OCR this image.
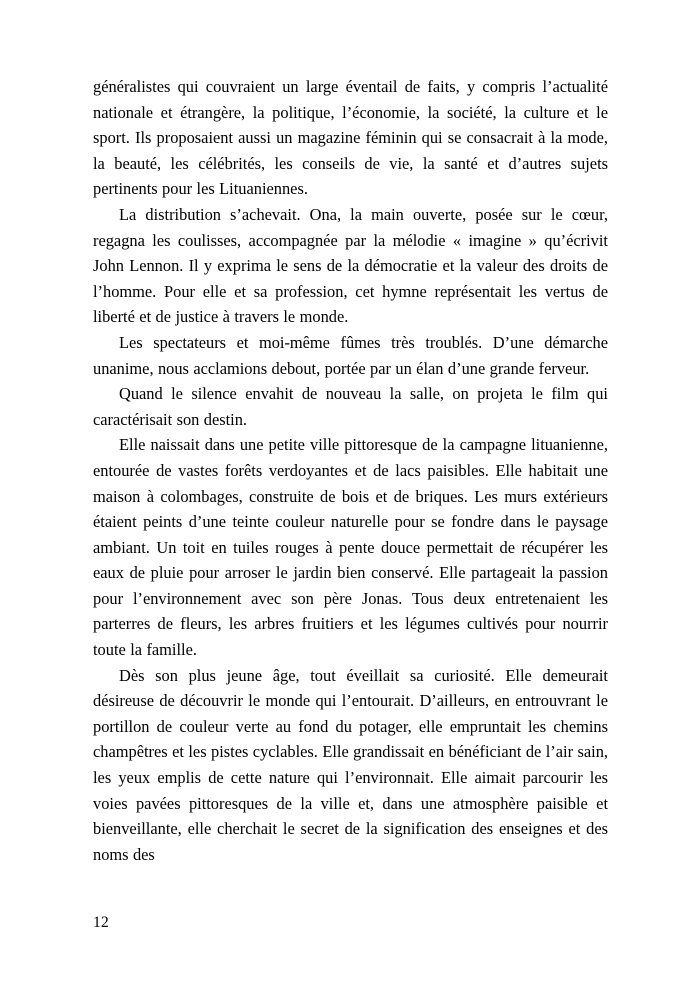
généralistes qui couvraient un large éventail de faits, y compris l’actualité nationale et étrangère, la politique, l’économie, la société, la culture et le sport. Ils proposaient aussi un magazine féminin qui se consacrait à la mode, la beauté, les célébrités, les conseils de vie, la santé et d’autres sujets pertinents pour les Lituaniennes.

La distribution s’achevait. Ona, la main ouverte, posée sur le cœur, regagna les coulisses, accompagnée par la mélodie « imagine » qu’écrivit John Lennon. Il y exprima le sens de la démocratie et la valeur des droits de l’homme. Pour elle et sa profession, cet hymne représentait les vertus de liberté et de justice à travers le monde.

Les spectateurs et moi-même fûmes très troublés. D’une démarche unanime, nous acclamions debout, portée par un élan d’une grande ferveur.

Quand le silence envahit de nouveau la salle, on projeta le film qui caractérisait son destin.

Elle naissait dans une petite ville pittoresque de la campagne lituanienne, entourée de vastes forêts verdoyantes et de lacs paisibles. Elle habitait une maison à colombages, construite de bois et de briques. Les murs extérieurs étaient peints d’une teinte couleur naturelle pour se fondre dans le paysage ambiant. Un toit en tuiles rouges à pente douce permettait de récupérer les eaux de pluie pour arroser le jardin bien conservé. Elle partageait la passion pour l’environnement avec son père Jonas. Tous deux entretenaient les parterres de fleurs, les arbres fruitiers et les légumes cultivés pour nourrir toute la famille.

Dès son plus jeune âge, tout éveillait sa curiosité. Elle demeurait désireuse de découvrir le monde qui l’entourait. D’ailleurs, en entrouvrant le portillon de couleur verte au fond du potager, elle empruntait les chemins champêtres et les pistes cyclables. Elle grandissait en bénéficiant de l’air sain, les yeux emplis de cette nature qui l’environnait. Elle aimait parcourir les voies pavées pittoresques de la ville et, dans une atmosphère paisible et bienveillante, elle cherchait le secret de la signification des enseignes et des noms des

12
